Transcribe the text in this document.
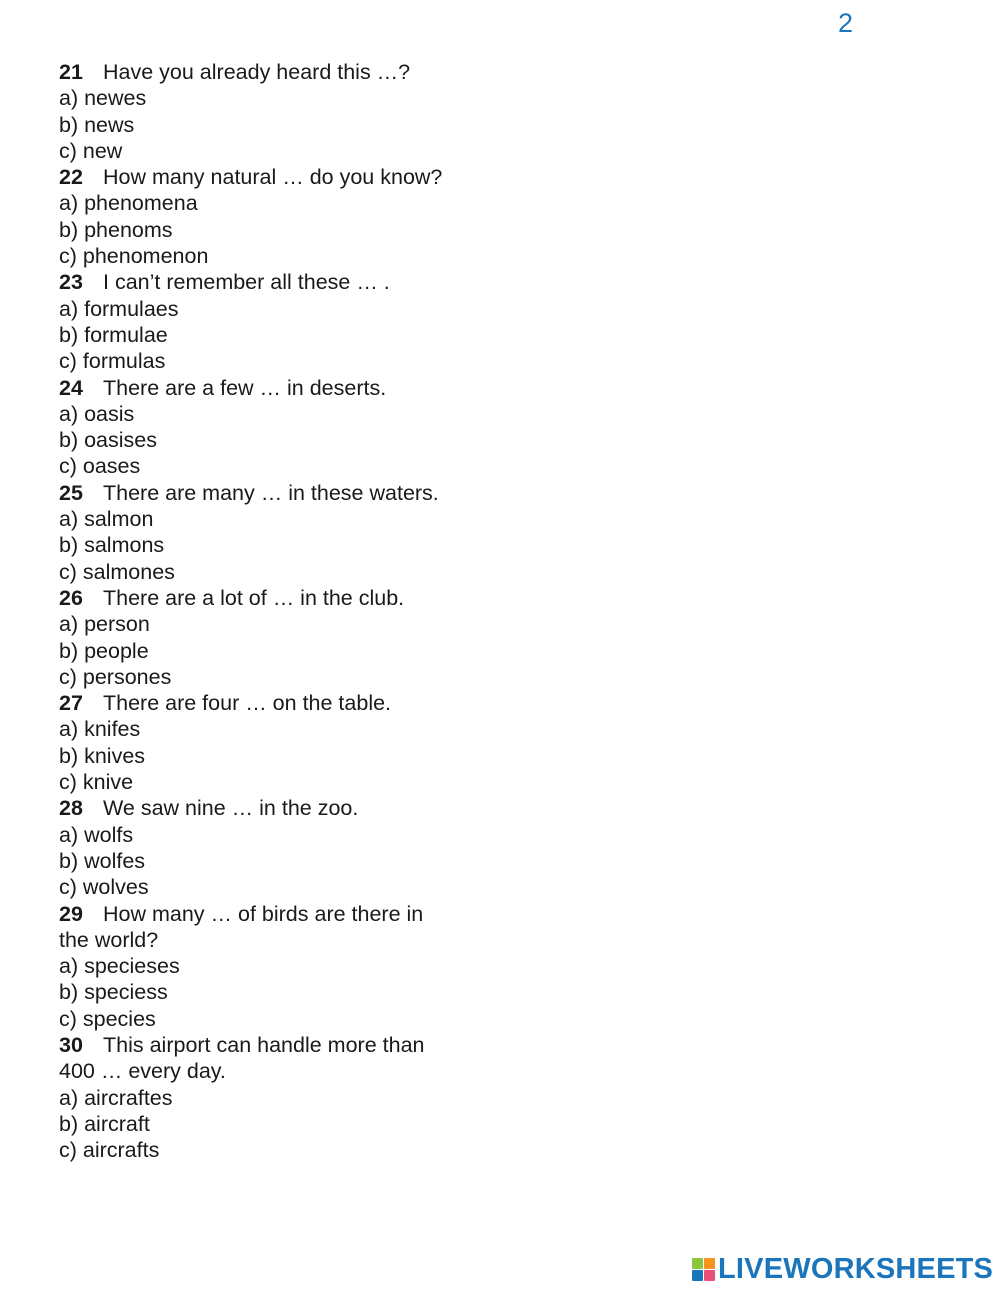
2
21 Have you already heard this …?
a) newes
b) news
c) new
22 How many natural … do you know?
a) phenomena
b) phenoms
c) phenomenon
23 I can’t remember all these … .
a) formulaes
b) formulae
c) formulas
24 There are a few … in deserts.
a) oasis
b) oasises
c) oases
25 There are many … in these waters.
a) salmon
b) salmons
c) salmones
26 There are a lot of … in the club.
a) person
b) people
c) persones
27 There are four … on the table.
a) knifes
b) knives
c) knive
28 We saw nine … in the zoo.
a) wolfs
b) wolfes
c) wolves
29 How many … of birds are there in
the world?
a) specieses
b) speciess
c) species
30 This airport can handle more than
400 … every day.
a) aircraftes
b) aircraft
c) aircrafts
LIVEWORKSHEETS
